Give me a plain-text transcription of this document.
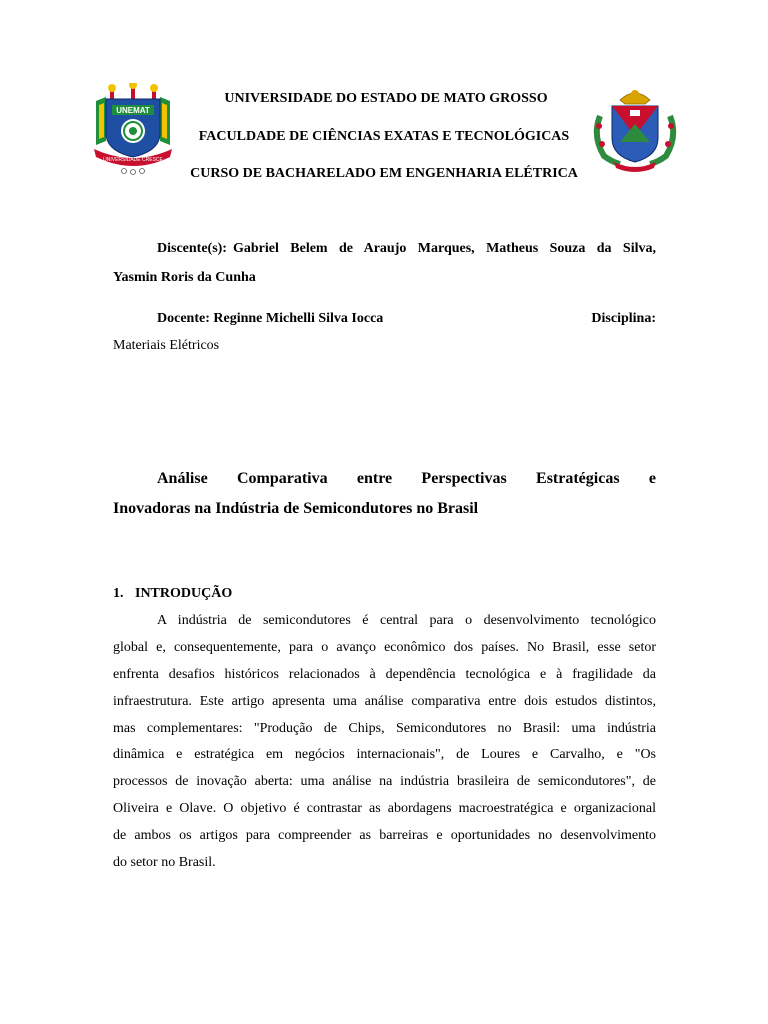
UNEMAT
UNIVERSIDADE CRESCE
UNIVERSIDADE DO ESTADO DE MATO GROSSO
FACULDADE DE CIÊNCIAS EXATAS E TECNOLÓGICAS
CURSO DE BACHARELADO EM ENGENHARIA ELÉTRICA
Discente(s): Gabriel Belem de Araujo Marques, Matheus Souza da Silva,
Yasmin Roris da Cunha
Docente: Reginne Michelli Silva Iocca	Disciplina:
Materiais Elétricos
Análise Comparativa entre Perspectivas Estratégicas e
Inovadoras na Indústria de Semicondutores no Brasil
1. INTRODUÇÃO
A indústria de semicondutores é central para o desenvolvimento tecnológico
global e, consequentemente, para o avanço econômico dos países. No Brasil, esse setor
enfrenta desafios históricos relacionados à dependência tecnológica e à fragilidade da
infraestrutura. Este artigo apresenta uma análise comparativa entre dois estudos distintos,
mas complementares: "Produção de Chips, Semicondutores no Brasil: uma indústria
dinâmica e estratégica em negócios internacionais", de Loures e Carvalho, e "Os
processos de inovação aberta: uma análise na indústria brasileira de semicondutores", de
Oliveira e Olave. O objetivo é contrastar as abordagens macroestratégica e organizacional
de ambos os artigos para compreender as barreiras e oportunidades no desenvolvimento
do setor no Brasil.
